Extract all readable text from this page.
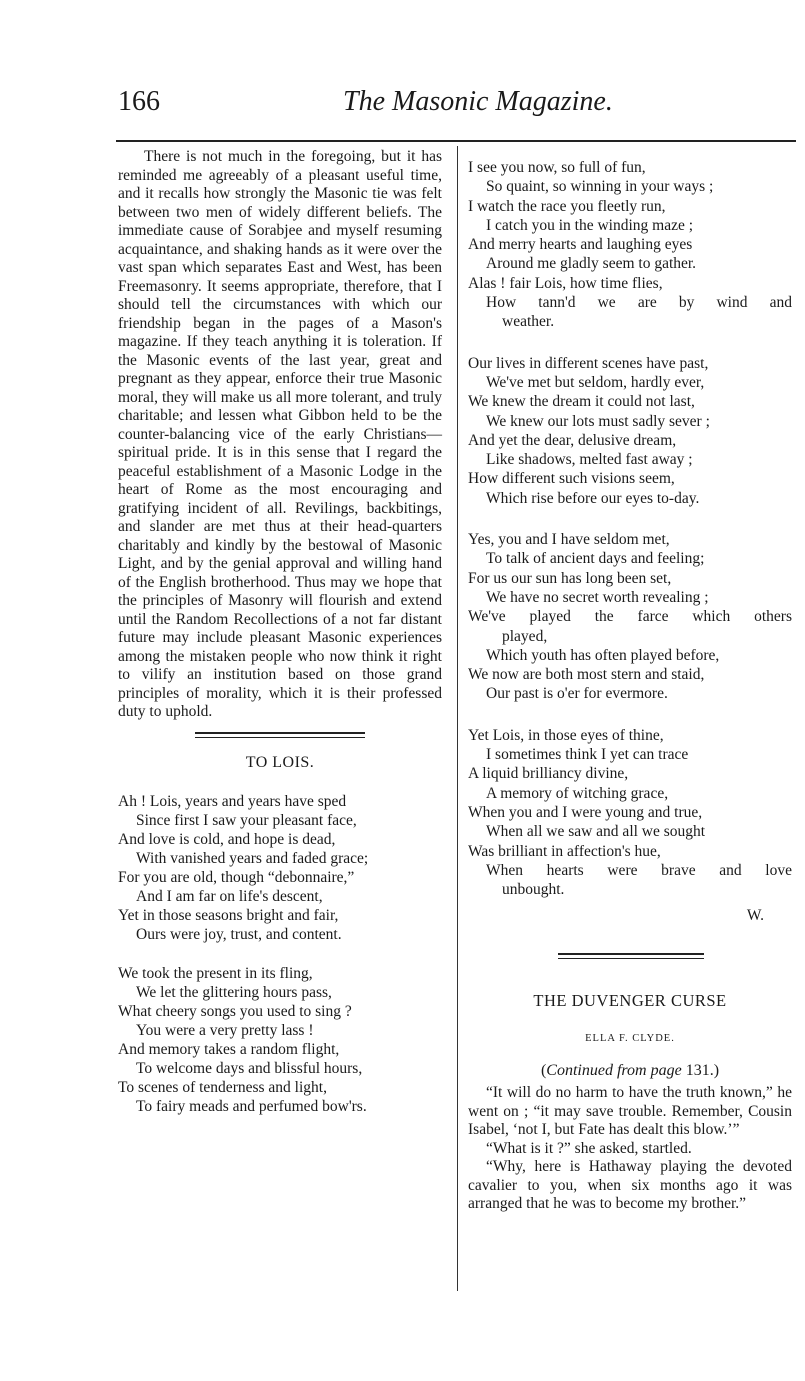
166	The Masonic Magazine.

There is not much in the foregoing, but it has reminded me agreeably of a pleasant useful time, and it recalls how strongly the Masonic tie was felt between two men of widely different beliefs. The immediate cause of Sorabjee and myself resuming acquaintance, and shaking hands as it were over the vast span which separates East and West, has been Freemasonry. It seems appropriate, therefore, that I should tell the circumstances with which our friendship began in the pages of a Mason's magazine. If they teach anything it is toleration. If the Masonic events of the last year, great and pregnant as they appear, enforce their true Masonic moral, they will make us all more tolerant, and truly charitable; and lessen what Gibbon held to be the counter-balancing vice of the early Christians—spiritual pride. It is in this sense that I regard the peaceful establishment of a Masonic Lodge in the heart of Rome as the most encouraging and gratifying incident of all. Revilings, backbitings, and slander are met thus at their head-quarters charitably and kindly by the bestowal of Masonic Light, and by the genial approval and willing hand of the English brotherhood. Thus may we hope that the principles of Masonry will flourish and extend until the Random Recollections of a not far distant future may include pleasant Masonic experiences among the mistaken people who now think it right to vilify an institution based on those grand principles of morality, which it is their professed duty to uphold.

TO LOIS.
Ah ! Lois, years and years have sped
Since first I saw your pleasant face,
And love is cold, and hope is dead,
With vanished years and faded grace;
For you are old, though “debonnaire,”
And I am far on life's descent,
Yet in those seasons bright and fair,
Ours were joy, trust, and content.
We took the present in its fling,
We let the glittering hours pass,
What cheery songs you used to sing ?
You were a very pretty lass !
And memory takes a random flight,
To welcome days and blissful hours,
To scenes of tenderness and light,
To fairy meads and perfumed bow'rs.
I see you now, so full of fun,
So quaint, so winning in your ways ;
I watch the race you fleetly run,
I catch you in the winding maze ;
And merry hearts and laughing eyes
Around me gladly seem to gather.
Alas ! fair Lois, how time flies,
How tann'd we are by wind and
weather.
Our lives in different scenes have past,
We've met but seldom, hardly ever,
We knew the dream it could not last,
We knew our lots must sadly sever ;
And yet the dear, delusive dream,
Like shadows, melted fast away ;
How different such visions seem,
Which rise before our eyes to-day.
Yes, you and I have seldom met,
To talk of ancient days and feeling;
For us our sun has long been set,
We have no secret worth revealing ;
We've played the farce which others
played,
Which youth has often played before,
We now are both most stern and staid,
Our past is o'er for evermore.
Yet Lois, in those eyes of thine,
I sometimes think I yet can trace
A liquid brilliancy divine,
A memory of witching grace,
When you and I were young and true,
When all we saw and all we sought
Was brilliant in affection's hue,
When hearts were brave and love
unbought.
W.
THE DUVENGER CURSE
ELLA F. CLYDE.
(Continued from page 131.)

“It will do no harm to have the truth known,” he went on ; “it may save trouble. Remember, Cousin Isabel, ‘not I, but Fate has dealt this blow.’”

“What is it ?” she asked, startled.

“Why, here is Hathaway playing the devoted cavalier to you, when six months ago it was arranged that he was to become my brother.”
